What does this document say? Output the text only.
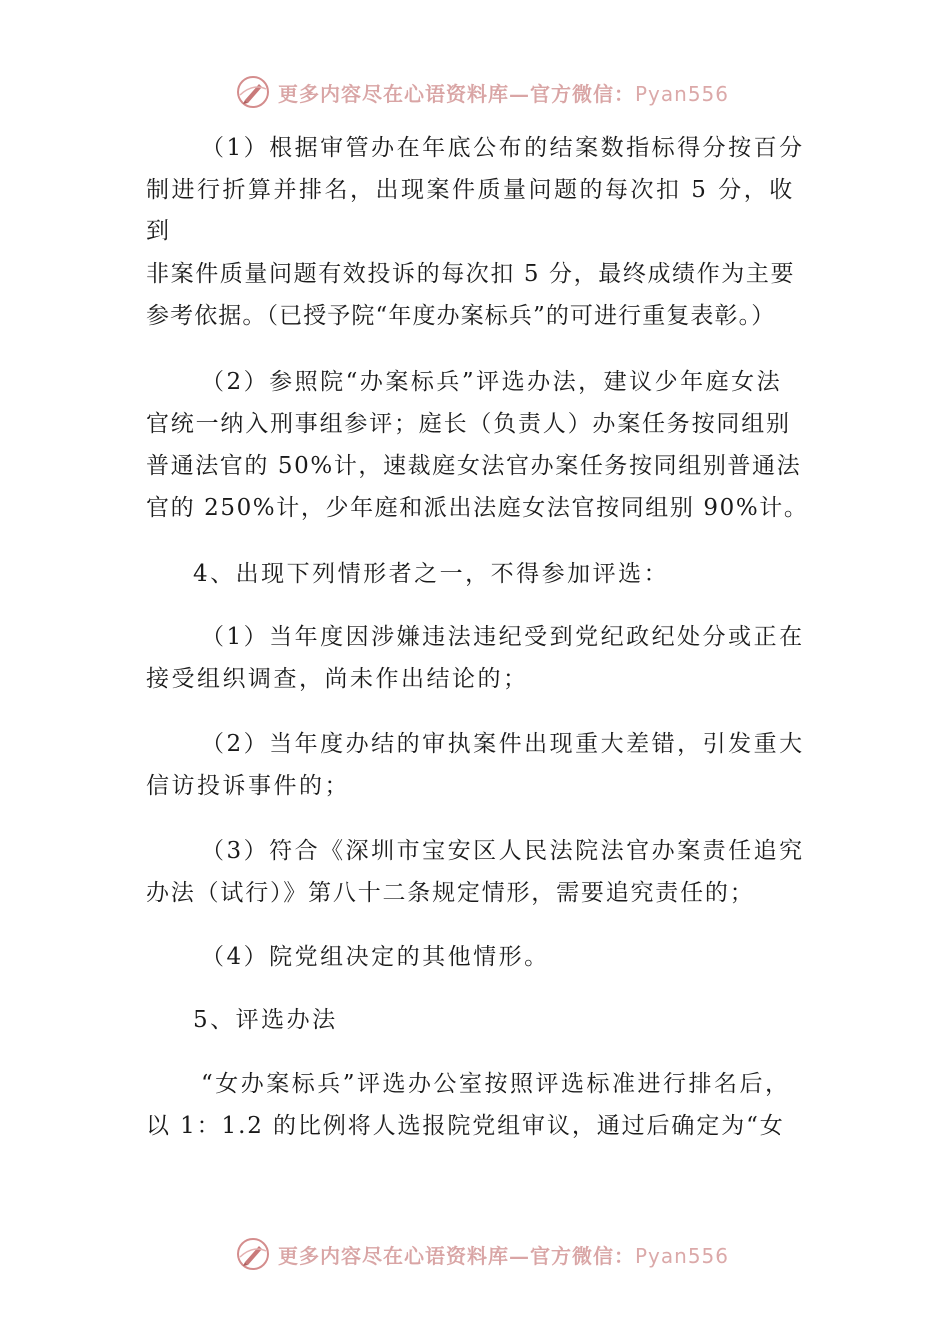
更多内容尽在心语资料库—官方微信：Pyan556
（1）根据审管办在年底公布的结案数指标得分按百分
制进行折算并排名，出现案件质量问题的每次扣 5 分，收
到
非案件质量问题有效投诉的每次扣 5 分，最终成绩作为主要
参考依据。（已授予院“年度办案标兵”的可进行重复表彰。）
（2）参照院“办案标兵”评选办法，建议少年庭女法
官统一纳入刑事组参评；庭长（负责人）办案任务按同组别
普通法官的 50%计，速裁庭女法官办案任务按同组别普通法
官的 250%计，少年庭和派出法庭女法官按同组别 90%计。
4、出现下列情形者之一，不得参加评选：
（1）当年度因涉嫌违法违纪受到党纪政纪处分或正在
接受组织调查，尚未作出结论的；
（2）当年度办结的审执案件出现重大差错，引发重大
信访投诉事件的；
（3）符合《深圳市宝安区人民法院法官办案责任追究
办法（试行）》第八十二条规定情形，需要追究责任的；
（4）院党组决定的其他情形。
5、评选办法
“女办案标兵”评选办公室按照评选标准进行排名后，
以 1：1.2 的比例将人选报院党组审议，通过后确定为“女
更多内容尽在心语资料库—官方微信：Pyan556
